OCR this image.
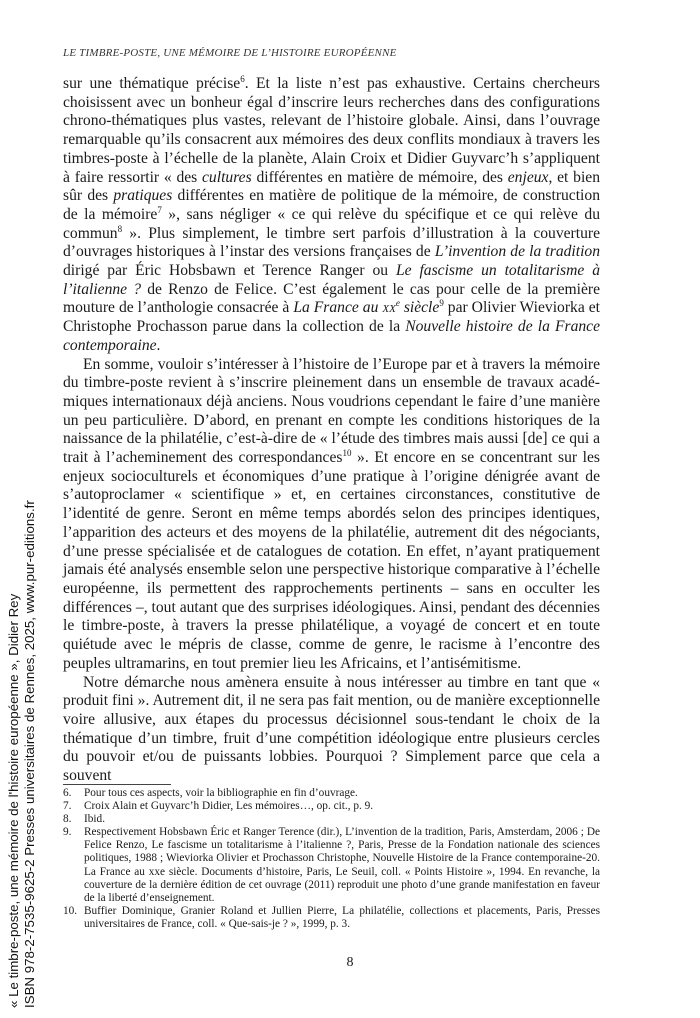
LE TIMBRE-POSTE, UNE MÉMOIRE DE L’HISTOIRE EUROPÉENNE

sur une thématique précise$^6$. Et la liste n’est pas exhaustive. Certains chercheurs choisissent avec un bonheur égal d’inscrire leurs recherches dans des configurations chrono-thématiques plus vastes, relevant de l’histoire globale. Ainsi, dans l’ouvrage remarquable qu’ils consacrent aux mémoires des deux conflits mondiaux à travers les timbres-poste à l’échelle de la planète, Alain Croix et Didier Guyvarc’h s’appliquent à faire ressortir « des cultures différentes en matière de mémoire, des enjeux, et bien sûr des pratiques différentes en matière de politique de la mémoire, de construction de la mémoire$^7$ », sans négliger « ce qui relève du spécifique et ce qui relève du commun$^8$ ». Plus simplement, le timbre sert parfois d’illustration à la couverture d’ouvrages historiques à l’instar des versions françaises de L’invention de la tradition dirigé par Éric Hobsbawn et Terence Ranger ou Le fascisme un totalitarisme à l’italienne ? de Renzo de Felice. C’est également le cas pour celle de la première mouture de l’anthologie consacrée à La France au $xx^e$ siècle$^9$ par Olivier Wieviorka et Christophe Prochasson parue dans la collection de la Nouvelle histoire de la France contemporaine.

En somme, vouloir s’intéresser à l’histoire de l’Europe par et à travers la mémoire du timbre-poste revient à s’inscrire pleinement dans un ensemble de travaux académiques internationaux déjà anciens. Nous voudrions cependant le faire d’une manière un peu particulière. D’abord, en prenant en compte les conditions historiques de la naissance de la philatélie, c’est-à-dire de « l’étude des timbres mais aussi [de] ce qui a trait à l’acheminement des correspondances$^{10}$ ». Et encore en se concentrant sur les enjeux socioculturels et économiques d’une pratique à l’origine dénigrée avant de s’autoproclamer « scientifique » et, en certaines circonstances, constitutive de l’identité de genre. Seront en même temps abordés selon des principes identiques, l’apparition des acteurs et des moyens de la philatélie, autrement dit des négociants, d’une presse spécialisée et de catalogues de cotation. En effet, n’ayant pratiquement jamais été analysés ensemble selon une perspective historique comparative à l’échelle européenne, ils permettent des rapprochements pertinents – sans en occulter les différences –, tout autant que des surprises idéologiques. Ainsi, pendant des décennies le timbre-poste, à travers la presse philatélique, a voyagé de concert et en toute quiétude avec le mépris de classe, comme de genre, le racisme à l’encontre des peuples ultramarins, en tout premier lieu les Africains, et l’antisémitisme.

Notre démarche nous amènera ensuite à nous intéresser au timbre en tant que « produit fini ». Autrement dit, il ne sera pas fait mention, ou de manière exceptionnelle voire allusive, aux étapes du processus décisionnel sous-tendant le choix de la thématique d’un timbre, fruit d’une compétition idéologique entre plusieurs cercles du pouvoir et/ou de puissants lobbies. Pourquoi ? Simplement parce que cela a souvent

6.	Pour tous ces aspects, voir la bibliographie en fin d’ouvrage.
7.	Croix Alain et Guyvarc’h Didier, Les mémoires…, op. cit., p. 9.
8.	Ibid.
9.	Respectivement Hobsbawn Éric et Ranger Terence (dir.), L’invention de la tradition, Paris, Amsterdam, 2006 ; De Felice Renzo, Le fascisme un totalitarisme à l’italienne ?, Paris, Presse de la Fondation nationale des sciences politiques, 1988 ; Wieviorka Olivier et Prochasson Christophe, Nouvelle Histoire de la France contemporaine-20. La France au xxe siècle. Documents d’histoire, Paris, Le Seuil, coll. « Points Histoire », 1994. En revanche, la couverture de la dernière édition de cet ouvrage (2011) reproduit une photo d’une grande manifestation en faveur de la liberté d’enseignement.
10. Buffier Dominique, Granier Roland et Jullien Pierre, La philatélie, collections et placements, Paris, Presses universitaires de France, coll. « Que-sais-je ? », 1999, p. 3.
8
« Le timbre-poste, une mémoire de l'histoire européenne », Didier Rey ISBN 978-2-7535-9625-2 Presses universitaires de Rennes, 2025, www.pur-editions.fr
